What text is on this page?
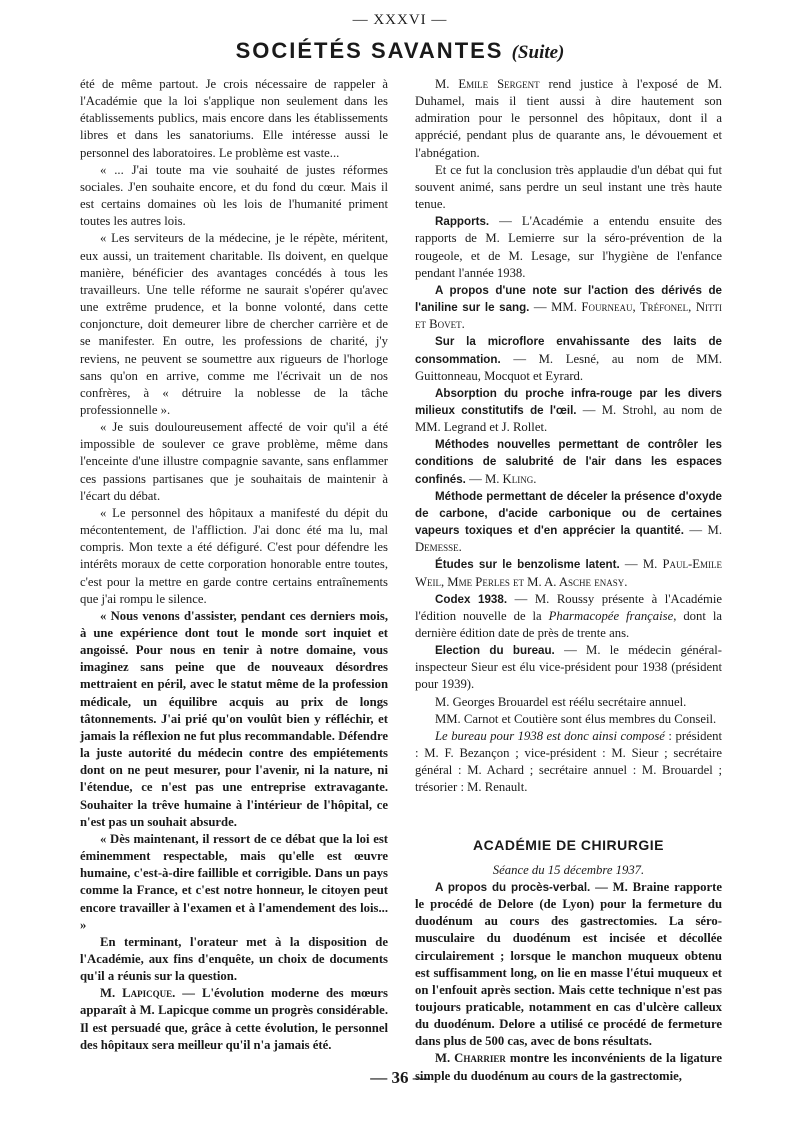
— XXXVI —
SOCIÉTÉS SAVANTES (Suite)

été de même partout. Je crois nécessaire de rappeler à l'Académie que la loi s'applique non seulement dans les établissements publics, mais encore dans les établissements libres et dans les sanatoriums. Elle intéresse aussi le personnel des laboratoires. Le problème est vaste...

« ... J'ai toute ma vie souhaité de justes réformes sociales. J'en souhaite encore, et du fond du cœur. Mais il est certains domaines où les lois de l'humanité priment toutes les autres lois.

« Les serviteurs de la médecine, je le répète, méritent, eux aussi, un traitement charitable. Ils doivent, en quelque manière, bénéficier des avantages concédés à tous les travailleurs. Une telle réforme ne saurait s'opérer qu'avec une extrême prudence, et la bonne volonté, dans cette conjoncture, doit demeurer libre de chercher carrière et de se manifester. En outre, les professions de charité, j'y reviens, ne peuvent se soumettre aux rigueurs de l'horloge sans qu'on en arrive, comme me l'écrivait un de nos confrères, à « détruire la noblesse de la tâche professionnelle ».

« Je suis douloureusement affecté de voir qu'il a été impossible de soulever ce grave problème, même dans l'enceinte d'une illustre compagnie savante, sans enflammer ces passions partisanes que je souhaitais de maintenir à l'écart du débat.

« Le personnel des hôpitaux a manifesté du dépit du mécontentement, de l'affliction. J'ai donc été ma lu, mal compris. Mon texte a été défiguré. C'est pour défendre les intérêts moraux de cette corporation honorable entre toutes, c'est pour la mettre en garde contre certains entraînements que j'ai rompu le silence.

« Nous venons d'assister, pendant ces derniers mois, à une expérience dont tout le monde sort inquiet et angoissé. Pour nous en tenir à notre domaine, vous imaginez sans peine que de nouveaux désordres mettraient en péril, avec le statut même de la profession médicale, un équilibre acquis au prix de longs tâtonnements. J'ai prié qu'on voulût bien y réfléchir, et jamais la réflexion ne fut plus recommandable. Défendre la juste autorité du médecin contre des empiétements dont on ne peut mesurer, pour l'avenir, ni la nature, ni l'étendue, ce n'est pas une entreprise extravagante. Souhaiter la trêve humaine à l'intérieur de l'hôpital, ce n'est pas un souhait absurde.

« Dès maintenant, il ressort de ce débat que la loi est éminemment respectable, mais qu'elle est œuvre humaine, c'est-à-dire faillible et corrigible. Dans un pays comme la France, et c'est notre honneur, le citoyen peut encore travailler à l'examen et à l'amendement des lois... »

En terminant, l'orateur met à la disposition de l'Académie, aux fins d'enquête, un choix de documents qu'il a réunis sur la question.

M. Lapicque. — L'évolution moderne des mœurs apparaît à M. Lapicque comme un progrès considérable. Il est persuadé que, grâce à cette évolution, le personnel des hôpitaux sera meilleur qu'il n'a jamais été.

M. Emile Sergent rend justice à l'exposé de M. Duhamel, mais il tient aussi à dire hautement son admiration pour le personnel des hôpitaux, dont il a apprécié, pendant plus de quarante ans, le dévouement et l'abnégation.

Et ce fut la conclusion très applaudie d'un débat qui fut souvent animé, sans perdre un seul instant une très haute tenue.

Rapports. — L'Académie a entendu ensuite des rapports de M. Lemierre sur la séro-prévention de la rougeole, et de M. Lesage, sur l'hygiène de l'enfance pendant l'année 1938.

A propos d'une note sur l'action des dérivés de l'aniline sur le sang. — MM. Fourneau, Tréfonel, Nitti et Bovet.

Sur la microflore envahissante des laits de consommation. — M. Lesné, au nom de MM. Guittonneau, Mocquot et Eyrard.

Absorption du proche infra-rouge par les divers milieux constitutifs de l'œil. — M. Strohl, au nom de MM. Legrand et J. Rollet.

Méthodes nouvelles permettant de contrôler les conditions de salubrité de l'air dans les espaces confinés. — M. Kling.

Méthode permettant de déceler la présence d'oxyde de carbone, d'acide carbonique ou de certaines vapeurs toxiques et d'en apprécier la quantité. — M. Demesse.

Études sur le benzolisme latent. — M. Paul-Emile Weil, Mme Perles et M. A. Asche enasy.

Codex 1938. — M. Roussy présente à l'Académie l'édition nouvelle de la Pharmacopée française, dont la dernière édition date de près de trente ans.

Election du bureau. — M. le médecin général-inspecteur Sieur est élu vice-président pour 1938 (président pour 1939).

M. Georges Brouardel est réélu secrétaire annuel.

MM. Carnot et Coutière sont élus membres du Conseil.

Le bureau pour 1938 est donc ainsi composé : président : M. F. Bezançon ; vice-président : M. Sieur ; secrétaire général : M. Achard ; secrétaire annuel : M. Brouardel ; trésorier : M. Renault.

ACADÉMIE DE CHIRURGIE

Séance du 15 décembre 1937.

A propos du procès-verbal. — M. Braine rapporte le procédé de Delore (de Lyon) pour la fermeture du duodénum au cours des gastrectomies. La séro-musculaire du duodénum est incisée et décollée circulairement ; lorsque le manchon muqueux obtenu est suffisamment long, on lie en masse l'étui muqueux et on l'enfouit après section. Mais cette technique n'est pas toujours praticable, notamment en cas d'ulcère calleux du duodénum. Delore a utilisé ce procédé de fermeture dans plus de 500 cas, avec de bons résultats.

M. Charrier montre les inconvénients de la ligature simple du duodénum au cours de la gastrectomie,

— 36 —
